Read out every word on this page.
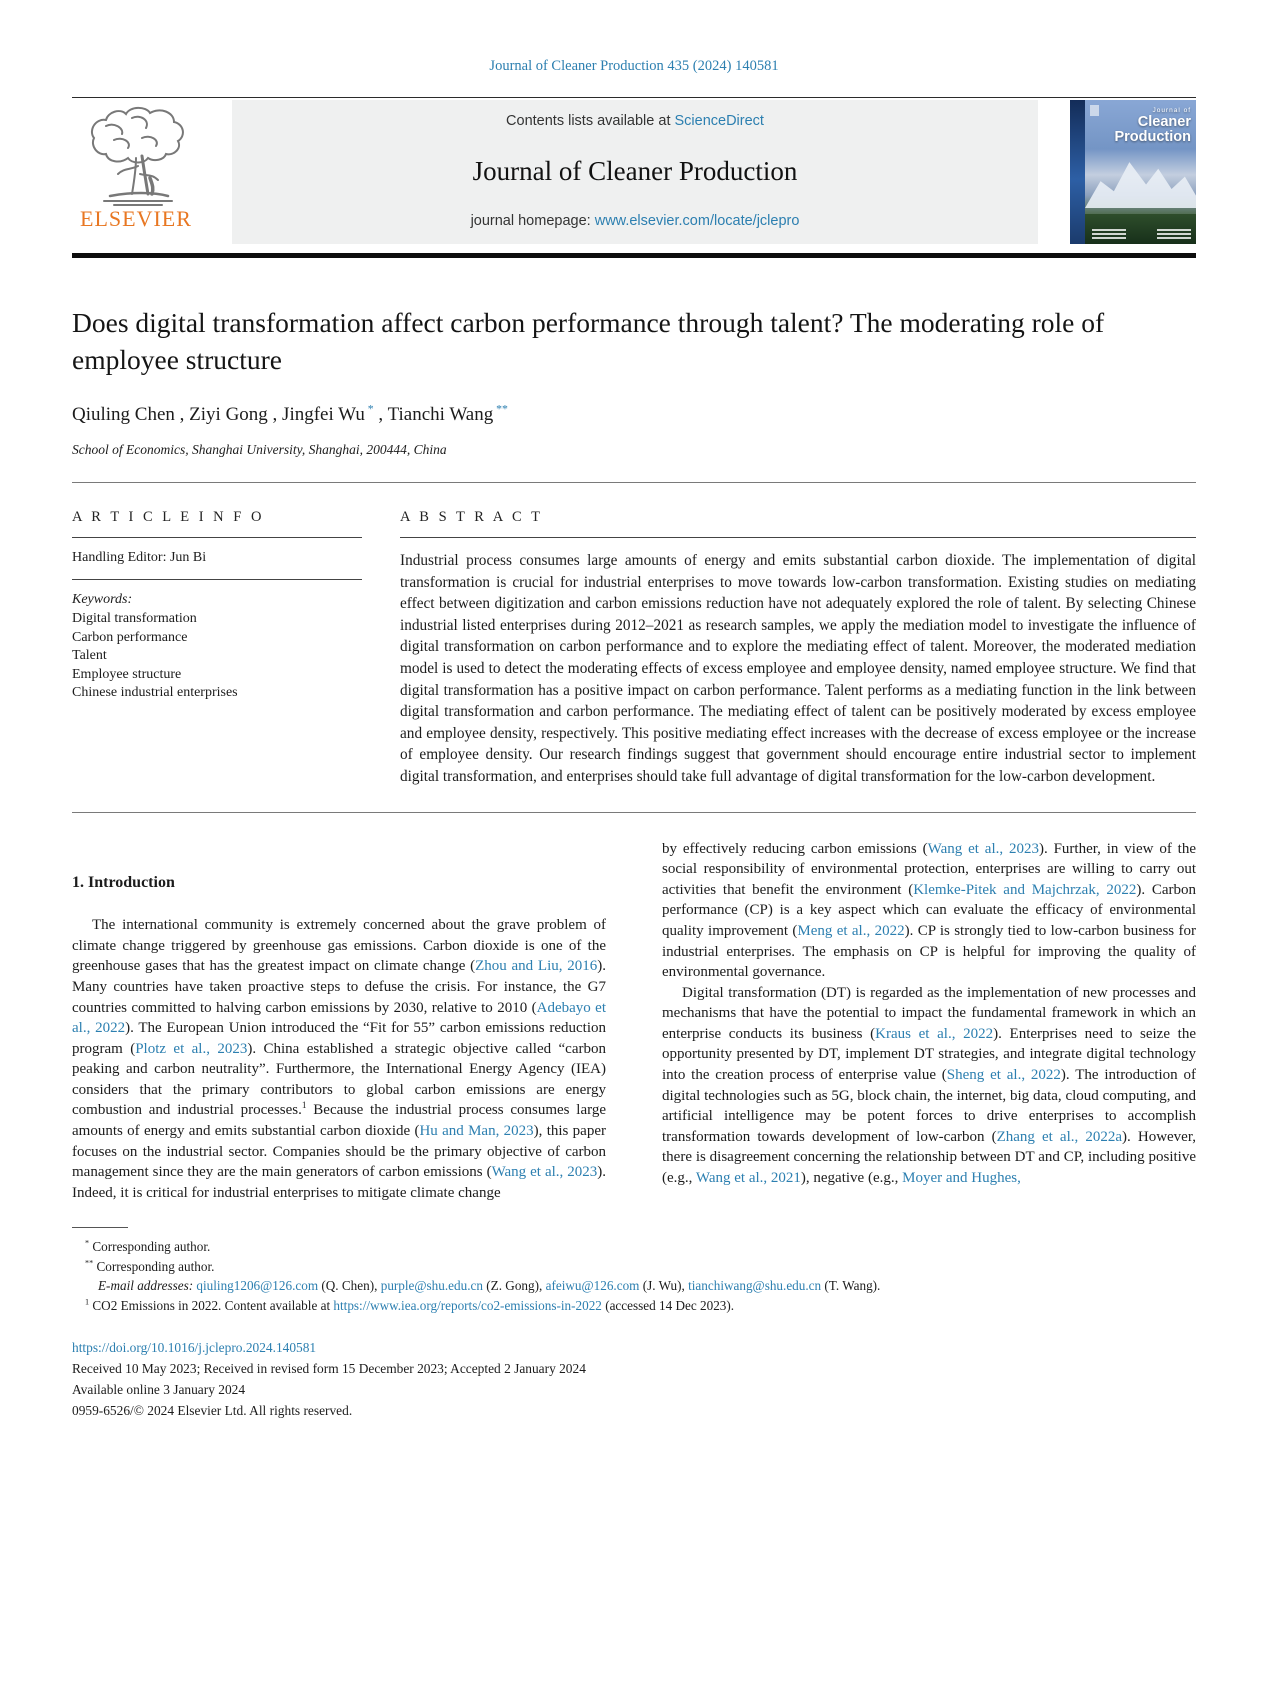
Journal of Cleaner Production 435 (2024) 140581
ELSEVIER
Contents lists available at ScienceDirect
Journal of Cleaner Production
journal homepage: www.elsevier.com/locate/jclepro
Journal of
Cleaner
Production
Does digital transformation affect carbon performance through talent? The moderating role of employee structure
Qiuling Chen , Ziyi Gong , Jingfei Wu * , Tianchi Wang **
School of Economics, Shanghai University, Shanghai, 200444, China
A R T I C L E I N F O
Handling Editor: Jun Bi
Keywords:
Digital transformation
Carbon performance
Talent
Employee structure
Chinese industrial enterprises
A B S T R A C T

Industrial process consumes large amounts of energy and emits substantial carbon dioxide. The implementation of digital transformation is crucial for industrial enterprises to move towards low-carbon transformation. Existing studies on mediating effect between digitization and carbon emissions reduction have not adequately explored the role of talent. By selecting Chinese industrial listed enterprises during 2012–2021 as research samples, we apply the mediation model to investigate the influence of digital transformation on carbon performance and to explore the mediating effect of talent. Moreover, the moderated mediation model is used to detect the moderating effects of excess employee and employee density, named employee structure. We find that digital transformation has a positive impact on carbon performance. Talent performs as a mediating function in the link between digital transformation and carbon performance. The mediating effect of talent can be positively moderated by excess employee and employee density, respectively. This positive mediating effect increases with the decrease of excess employee or the increase of employee density. Our research findings suggest that government should encourage entire industrial sector to implement digital transformation, and enterprises should take full advantage of digital transformation for the low-carbon development.

1. Introduction

The international community is extremely concerned about the grave problem of climate change triggered by greenhouse gas emissions. Carbon dioxide is one of the greenhouse gases that has the greatest impact on climate change (Zhou and Liu, 2016). Many countries have taken proactive steps to defuse the crisis. For instance, the G7 countries committed to halving carbon emissions by 2030, relative to 2010 (Adebayo et al., 2022). The European Union introduced the “Fit for 55” carbon emissions reduction program (Plotz et al., 2023). China established a strategic objective called “carbon peaking and carbon neutrality”. Furthermore, the International Energy Agency (IEA) considers that the primary contributors to global carbon emissions are energy combustion and industrial processes.$^1$ Because the industrial process consumes large amounts of energy and emits substantial carbon dioxide (Hu and Man, 2023), this paper focuses on the industrial sector. Companies should be the primary objective of carbon management since they are the main generators of carbon emissions (Wang et al., 2023). Indeed, it is critical for industrial enterprises to mitigate climate change

by effectively reducing carbon emissions (Wang et al., 2023). Further, in view of the social responsibility of environmental protection, enterprises are willing to carry out activities that benefit the environment (Klemke-Pitek and Majchrzak, 2022). Carbon performance (CP) is a key aspect which can evaluate the efficacy of environmental quality improvement (Meng et al., 2022). CP is strongly tied to low-carbon business for industrial enterprises. The emphasis on CP is helpful for improving the quality of environmental governance.

Digital transformation (DT) is regarded as the implementation of new processes and mechanisms that have the potential to impact the fundamental framework in which an enterprise conducts its business (Kraus et al., 2022). Enterprises need to seize the opportunity presented by DT, implement DT strategies, and integrate digital technology into the creation process of enterprise value (Sheng et al., 2022). The introduction of digital technologies such as 5G, block chain, the internet, big data, cloud computing, and artificial intelligence may be potent forces to drive enterprises to accomplish transformation towards development of low-carbon (Zhang et al., 2022a). However, there is disagreement concerning the relationship between DT and CP, including positive (e.g., Wang et al., 2021), negative (e.g., Moyer and Hughes,

* Corresponding author.
** Corresponding author.
E-mail addresses: qiuling1206@126.com (Q. Chen), purple@shu.edu.cn (Z. Gong), afeiwu@126.com (J. Wu), tianchiwang@shu.edu.cn (T. Wang).
$^1$ CO2 Emissions in 2022. Content available at https://www.iea.org/reports/co2-emissions-in-2022 (accessed 14 Dec 2023).
https://doi.org/10.1016/j.jclepro.2024.140581
Received 10 May 2023; Received in revised form 15 December 2023; Accepted 2 January 2024
Available online 3 January 2024
0959-6526/© 2024 Elsevier Ltd. All rights reserved.
